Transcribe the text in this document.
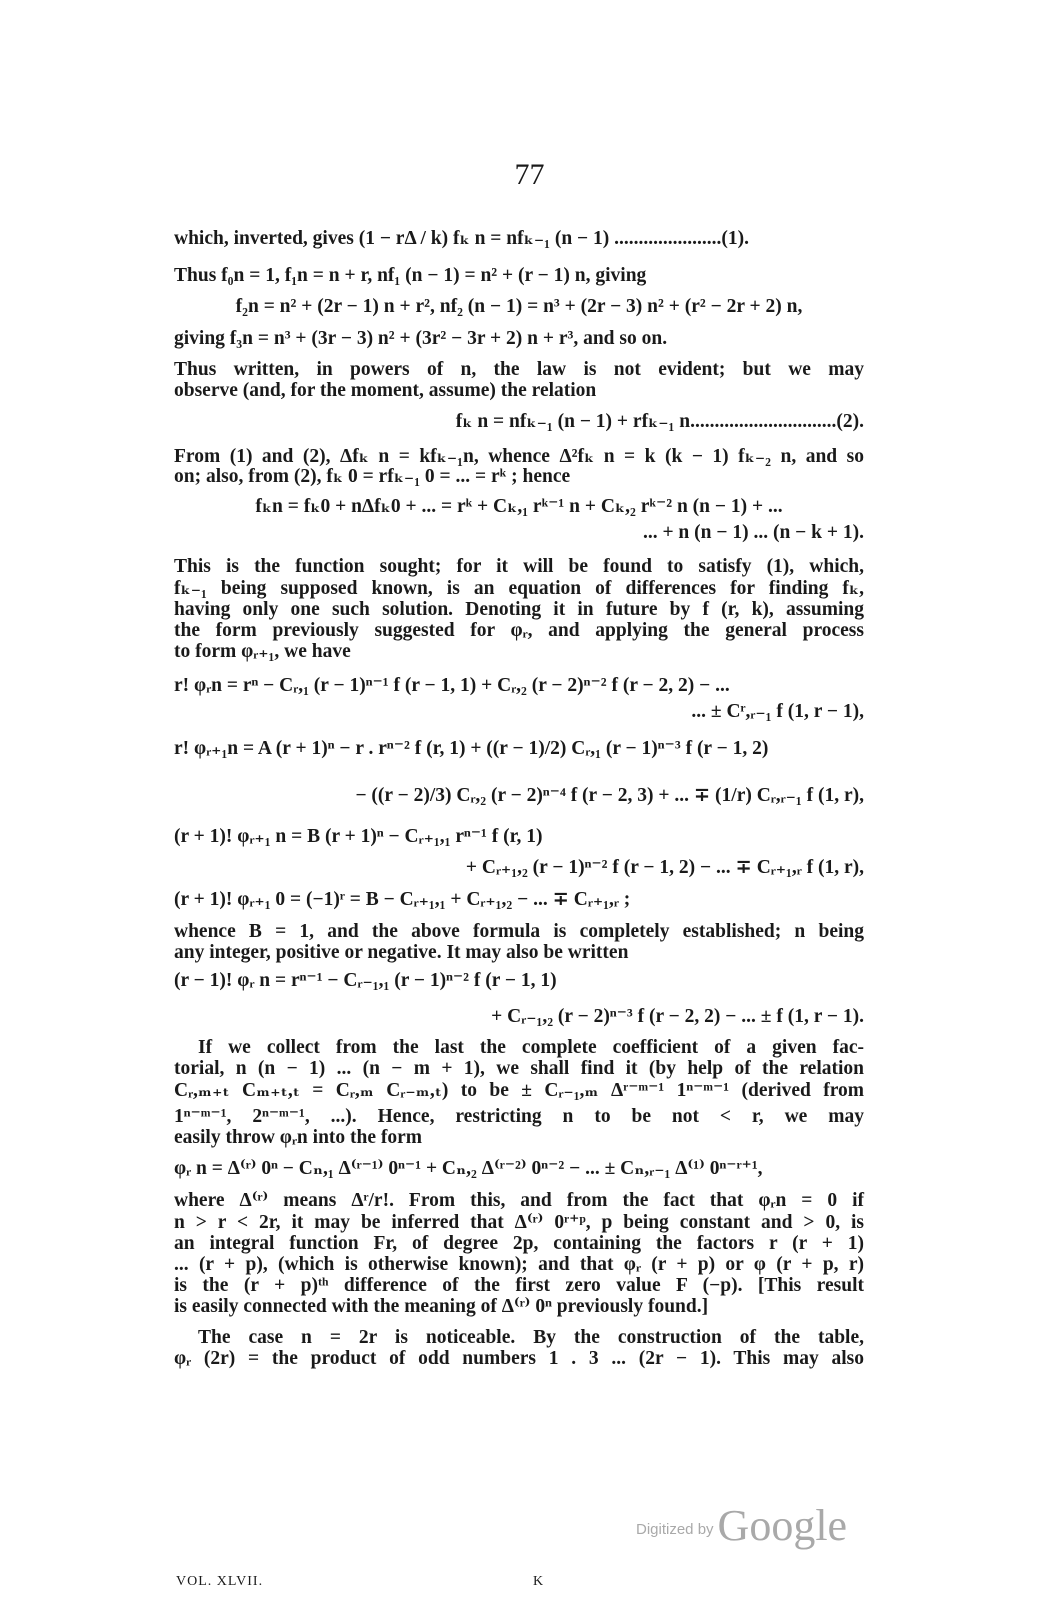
77
which, inverted, gives (1 − rΔ / k) fₖ n = nfₖ₋₁ (n − 1) ......................(1).
Thus f₀n = 1, f₁n = n + r, nf₁ (n − 1) = n² + (r − 1) n, giving
f₂n = n² + (2r − 1) n + r², nf₂ (n − 1) = n³ + (2r − 3) n² + (r² − 2r + 2) n,
giving f₃n = n³ + (3r − 3) n² + (3r² − 3r + 2) n + r³, and so on.
Thus written, in powers of n, the law is not evident; but we may
observe (and, for the moment, assume) the relation
fₖ n = nfₖ₋₁ (n − 1) + rfₖ₋₁ n..............................(2).
From (1) and (2), Δfₖ n = kfₖ₋₁n, whence Δ²fₖ n = k (k − 1) fₖ₋₂ n, and so
on; also, from (2), fₖ 0 = rfₖ₋₁ 0 = ... = rᵏ ; hence
fₖn = fₖ0 + nΔfₖ0 + ... = rᵏ + Cₖ,₁ rᵏ⁻¹ n + Cₖ,₂ rᵏ⁻² n (n − 1) + ...
... + n (n − 1) ... (n − k + 1).
This is the function sought; for it will be found to satisfy (1), which,
fₖ₋₁ being supposed known, is an equation of differences for finding fₖ,
having only one such solution. Denoting it in future by f (r, k), assuming
the form previously suggested for φᵣ, and applying the general process
to form φᵣ₊₁, we have
r! φᵣn = rⁿ − Cᵣ,₁ (r − 1)ⁿ⁻¹ f (r − 1, 1) + Cᵣ,₂ (r − 2)ⁿ⁻² f (r − 2, 2) − ...
... ± Cʳ,ᵣ₋₁ f (1, r − 1),
r! φᵣ₊₁n = A (r + 1)ⁿ − r . rⁿ⁻² f (r, 1) + ((r − 1)/2) Cᵣ,₁ (r − 1)ⁿ⁻³ f (r − 1, 2)
− ((r − 2)/3) Cᵣ,₂ (r − 2)ⁿ⁻⁴ f (r − 2, 3) + ... ∓ (1/r) Cᵣ,ᵣ₋₁ f (1, r),
(r + 1)! φᵣ₊₁ n = B (r + 1)ⁿ − Cᵣ₊₁,₁ rⁿ⁻¹ f (r, 1)
+ Cᵣ₊₁,₂ (r − 1)ⁿ⁻² f (r − 1, 2) − ... ∓ Cᵣ₊₁,ᵣ f (1, r),
(r + 1)! φᵣ₊₁ 0 = (−1)ʳ = B − Cᵣ₊₁,₁ + Cᵣ₊₁,₂ − ... ∓ Cᵣ₊₁,ᵣ ;
whence B = 1, and the above formula is completely established; n being
any integer, positive or negative. It may also be written
(r − 1)! φᵣ n = rⁿ⁻¹ − Cᵣ₋₁,₁ (r − 1)ⁿ⁻² f (r − 1, 1)
+ Cᵣ₋₁,₂ (r − 2)ⁿ⁻³ f (r − 2, 2) − ... ± f (1, r − 1).
If we collect from the last the complete coefficient of a given fac-
torial, n (n − 1) ... (n − m + 1), we shall find it (by help of the relation
Cᵣ,ₘ₊ₜ Cₘ₊ₜ,ₜ = Cᵣ,ₘ Cᵣ₋ₘ,ₜ) to be ± Cᵣ₋₁,ₘ Δʳ⁻ᵐ⁻¹ 1ⁿ⁻ᵐ⁻¹ (derived from
1ⁿ⁻ᵐ⁻¹, 2ⁿ⁻ᵐ⁻¹, ...). Hence, restricting n to be not < r, we may
easily throw φᵣn into the form
φᵣ n = Δ⁽ʳ⁾ 0ⁿ − Cₙ,₁ Δ⁽ʳ⁻¹⁾ 0ⁿ⁻¹ + Cₙ,₂ Δ⁽ʳ⁻²⁾ 0ⁿ⁻² − ... ± Cₙ,ᵣ₋₁ Δ⁽¹⁾ 0ⁿ⁻ʳ⁺¹,
where Δ⁽ʳ⁾ means Δʳ/r!. From this, and from the fact that φᵣn = 0 if
n > r < 2r, it may be inferred that Δ⁽ʳ⁾ 0ʳ⁺ᵖ, p being constant and > 0, is
an integral function Fr, of degree 2p, containing the factors r (r + 1)
... (r + p), (which is otherwise known); and that φᵣ (r + p) or φ (r + p, r)
is the (r + p)ᵗʰ difference of the first zero value F (−p). [This result
is easily connected with the meaning of Δ⁽ʳ⁾ 0ⁿ previously found.]
The case n = 2r is noticeable. By the construction of the table,
φᵣ (2r) = the product of odd numbers 1 . 3 ... (2r − 1). This may also
VOL. XLVII.	K
Digitized by Google
